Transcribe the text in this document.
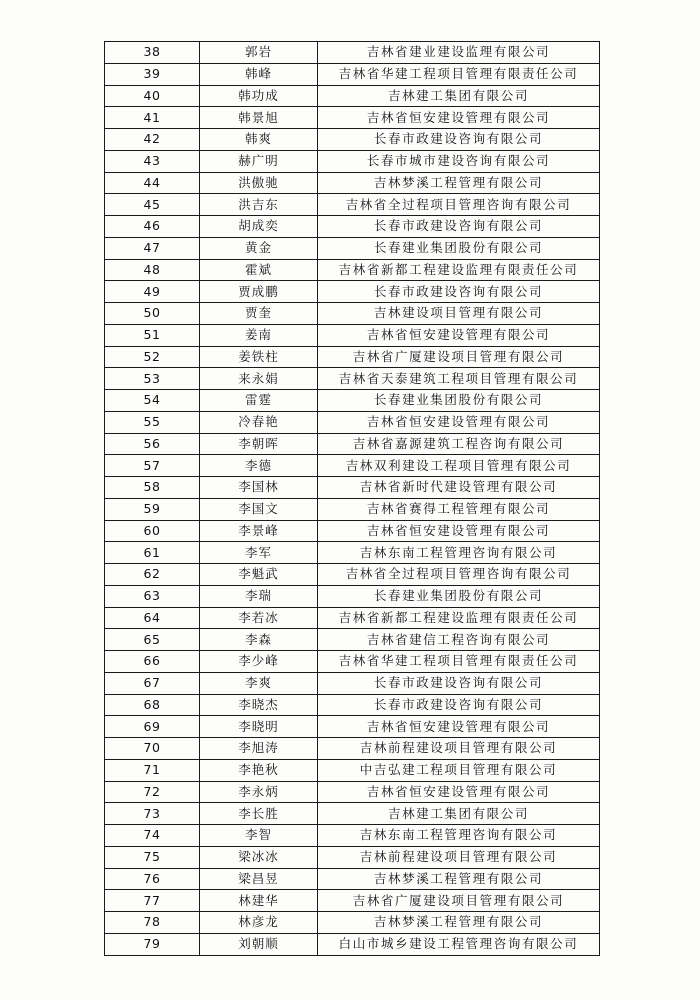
38	郭岩	吉林省建业建设监理有限公司
39	韩峰	吉林省华建工程项目管理有限责任公司
40	韩功成	吉林建工集团有限公司
41	韩景旭	吉林省恒安建设管理有限公司
42	韩爽	长春市政建设咨询有限公司
43	赫广明	长春市城市建设咨询有限公司
44	洪傲驰	吉林梦溪工程管理有限公司
45	洪吉东	吉林省全过程项目管理咨询有限公司
46	胡成奕	长春市政建设咨询有限公司
47	黄金	长春建业集团股份有限公司
48	霍斌	吉林省新都工程建设监理有限责任公司
49	贾成鹏	长春市政建设咨询有限公司
50	贾奎	吉林建设项目管理有限公司
51	姜南	吉林省恒安建设管理有限公司
52	姜铁柱	吉林省广厦建设项目管理有限公司
53	来永娟	吉林省天泰建筑工程项目管理有限公司
54	雷霆	长春建业集团股份有限公司
55	冷春艳	吉林省恒安建设管理有限公司
56	李朝晖	吉林省嘉源建筑工程咨询有限公司
57	李德	吉林双利建设工程项目管理有限公司
58	李国林	吉林省新时代建设管理有限公司
59	李国文	吉林省赛得工程管理有限公司
60	李景峰	吉林省恒安建设管理有限公司
61	李军	吉林东南工程管理咨询有限公司
62	李魁武	吉林省全过程项目管理咨询有限公司
63	李瑞	长春建业集团股份有限公司
64	李若冰	吉林省新都工程建设监理有限责任公司
65	李森	吉林省建信工程咨询有限公司
66	李少峰	吉林省华建工程项目管理有限责任公司
67	李爽	长春市政建设咨询有限公司
68	李晓杰	长春市政建设咨询有限公司
69	李晓明	吉林省恒安建设管理有限公司
70	李旭涛	吉林前程建设项目管理有限公司
71	李艳秋	中吉弘建工程项目管理有限公司
72	李永炳	吉林省恒安建设管理有限公司
73	李长胜	吉林建工集团有限公司
74	李智	吉林东南工程管理咨询有限公司
75	梁冰冰	吉林前程建设项目管理有限公司
76	梁昌昱	吉林梦溪工程管理有限公司
77	林建华	吉林省广厦建设项目管理有限公司
78	林彦龙	吉林梦溪工程管理有限公司
79	刘朝顺	白山市城乡建设工程管理咨询有限公司
